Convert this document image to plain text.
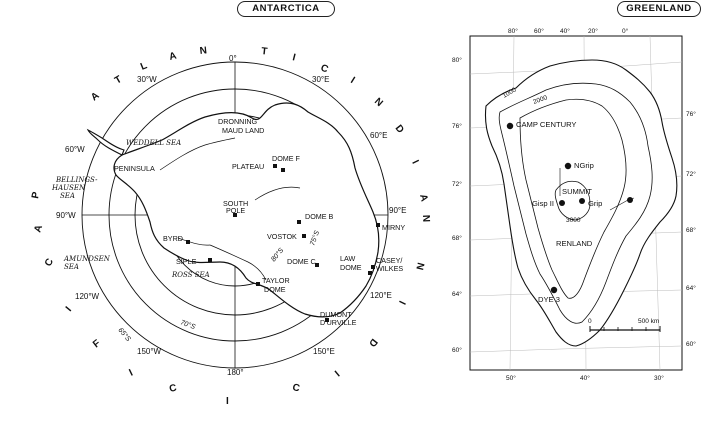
ANTARCTICA	GREENLAND
A
T
L
A N	T
I
C
P
A
C
I
F
I
C	C
I
I
N
D
I
A
N
N
I
D
I
0°
30°E
60°E
90°E
120°E
150°E
180°
150°W
120°W
90°W
60°W
30°W
75°S
80°S
70°S
65°S
DRONNING
MAUD LAND
WEDDELL SEA
PENINSULA
BELLINGS-
HAUSEN
SEA
AMUNDSEN
SEA
ROSS SEA
DOME F
PLATEAU
SOUTH
POLE
DOME B
VOSTOK
MIRNY
BYRD
SIPLE	DOME C	LAW
DOME
CASEY/
WILKES
TAYLOR
DOME
DUMONT
D'URVILLE
80° 60° 40°	20°	0°
50°	40°	30°
80°
76°
72°
68°
64°
60°
76°
72°
68°
64°
60°
1000
2000
3000
CAMP CENTURY
NGrip
SUMMIT
Gisp II	Grip
RENLAND
DYE 3
0	500 km
